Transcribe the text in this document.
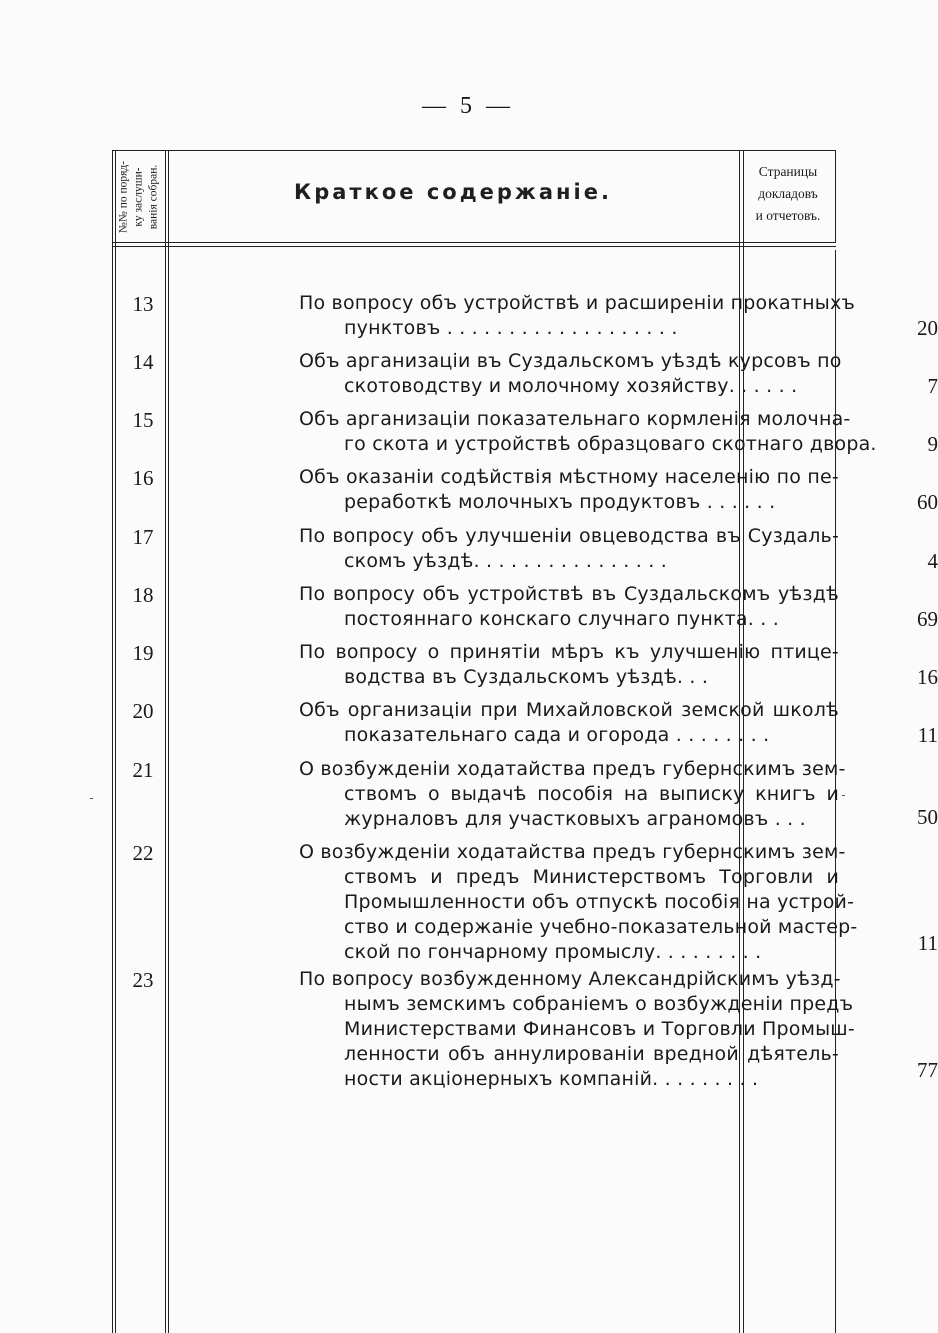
— 5 —
№№ по поряд- ку заслуши- ванія собран.	Краткое содержаніе.
Страницы
докладовъ
и отчетовъ.
13	По вопросу объ устройствѣ и расширеніи прокатныхъ
пунктовъ . . . . . . . . . . . . . . . . . . .	20
14	Объ арганизаціи въ Суздальскомъ уѣздѣ курсовъ по
скотоводству и молочному хозяйству. . . . . .	7
15	Объ арганизаціи показательнаго кормленія молочна-
го скота и устройствѣ образцоваго скотнаго двора.	9
16	Объ оказаніи содѣйствія мѣстному населенію по пе-
реработкѣ молочныхъ продуктовъ . . . . . .	60
17	По вопросу объ улучшеніи овцеводства въ Суздаль-
скомъ уѣздѣ. . . . . . . . . . . . . . . .	4
18	По вопросу объ устройствѣ въ Суздальскомъ уѣздѣ
постояннаго конскаго случнаго пункта. . .	69
19	По вопросу о принятіи мѣръ къ улучшенію птице-
водства въ Суздальскомъ уѣздѣ. . .	16
20	Объ организаціи при Михайловской земской школѣ
показательнаго сада и огорода . . . . . . . .	11
21	О возбужденіи ходатайства предъ губернскимъ зем-
ствомъ о выдачѣ пособія на выписку книгъ и
журналовъ для участковыхъ аграномовъ . . .	50
22	О возбужденіи ходатайства предъ губернскимъ зем-
ствомъ и предъ Министерствомъ Торговли и
Промышленности объ отпускѣ пособія на устрой-
ство и содержаніе учебно-показательной мастер-
ской по гончарному промыслу. . . . . . . . .	11
23	По вопросу возбужденному Александрійскимъ уѣзд-
нымъ земскимъ собраніемъ о возбужденіи предъ
Министерствами Финансовъ и Торговли Промыш-
ленности объ аннулированіи вредной дѣятель-
ности акціонерныхъ компаній. . . . . . . . .	77
